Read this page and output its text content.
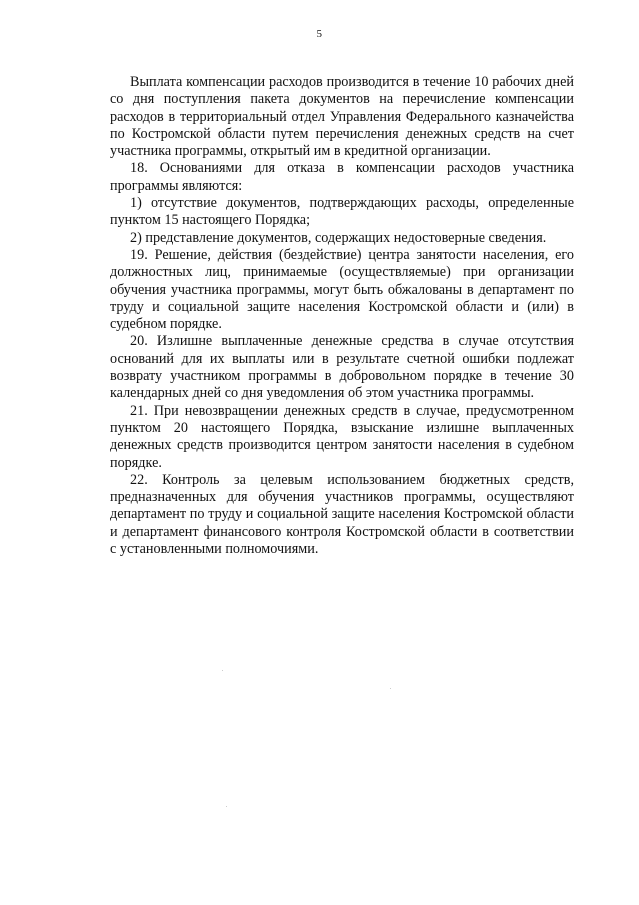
5

Выплата компенсации расходов производится в течение 10 рабочих дней со дня поступления пакета документов на перечисление компенсации расходов в территориальный отдел Управления Федерального казначейства по Костромской области путем перечисления денежных средств на счет участника программы, открытый им в кредитной организации.

18. Основаниями для отказа в компенсации расходов участника программы являются:

1) отсутствие документов, подтверждающих расходы, определенные пунктом 15 настоящего Порядка;

2) представление документов, содержащих недостоверные сведения.

19. Решение, действия (бездействие) центра занятости населения, его должностных лиц, принимаемые (осуществляемые) при организации обучения участника программы, могут быть обжалованы в департамент по труду и социальной защите населения Костромской области и (или) в судебном порядке.

20. Излишне выплаченные денежные средства в случае отсутствия оснований для их выплаты или в результате счетной ошибки подлежат возврату участником программы в добровольном порядке в течение 30 календарных дней со дня уведомления об этом участника программы.

21. При невозвращении денежных средств в случае, предусмотренном пунктом 20 настоящего Порядка, взыскание излишне выплаченных денежных средств производится центром занятости населения в судебном порядке.

22. Контроль за целевым использованием бюджетных средств, предназначенных для обучения участников программы, осуществляют департамент по труду и социальной защите населения Костромской области и департамент финансового контроля Костромской области в соответствии с установленными полномочиями.
